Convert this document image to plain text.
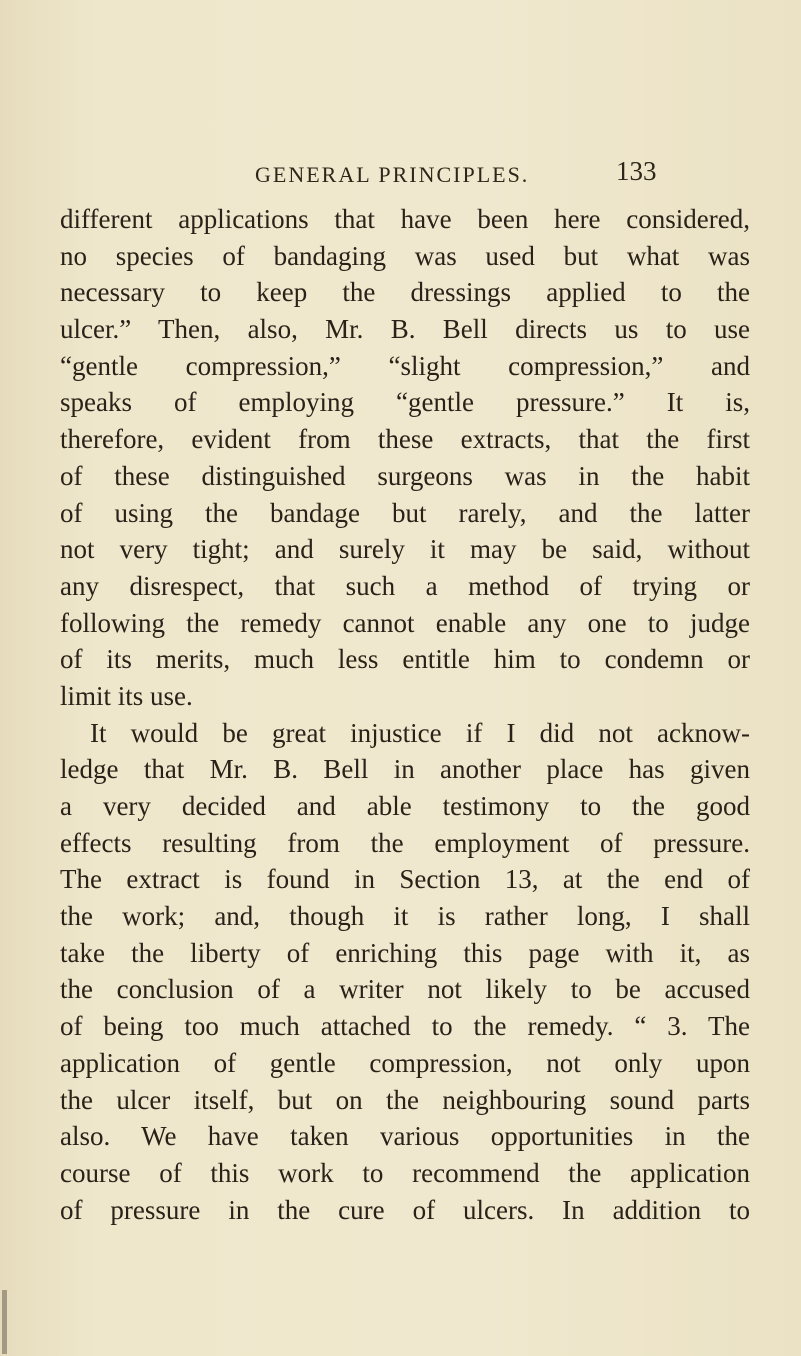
GENERAL PRINCIPLES.	133
different applications that have been here considered,
no species of bandaging was used but what was
necessary to keep the dressings applied to the
ulcer.” Then, also, Mr. B. Bell directs us to use
“gentle compression,” “slight compression,” and
speaks of employing “gentle pressure.” It is,
therefore, evident from these extracts, that the first
of these distinguished surgeons was in the habit
of using the bandage but rarely, and the latter
not very tight; and surely it may be said, without
any disrespect, that such a method of trying or
following the remedy cannot enable any one to judge
of its merits, much less entitle him to condemn or
limit its use.
It would be great injustice if I did not acknow-
ledge that Mr. B. Bell in another place has given
a very decided and able testimony to the good
effects resulting from the employment of pressure.
The extract is found in Section 13, at the end of
the work; and, though it is rather long, I shall
take the liberty of enriching this page with it, as
the conclusion of a writer not likely to be accused
of being too much attached to the remedy. “ 3. The
application of gentle compression, not only upon
the ulcer itself, but on the neighbouring sound parts
also. We have taken various opportunities in the
course of this work to recommend the application
of pressure in the cure of ulcers. In addition to
